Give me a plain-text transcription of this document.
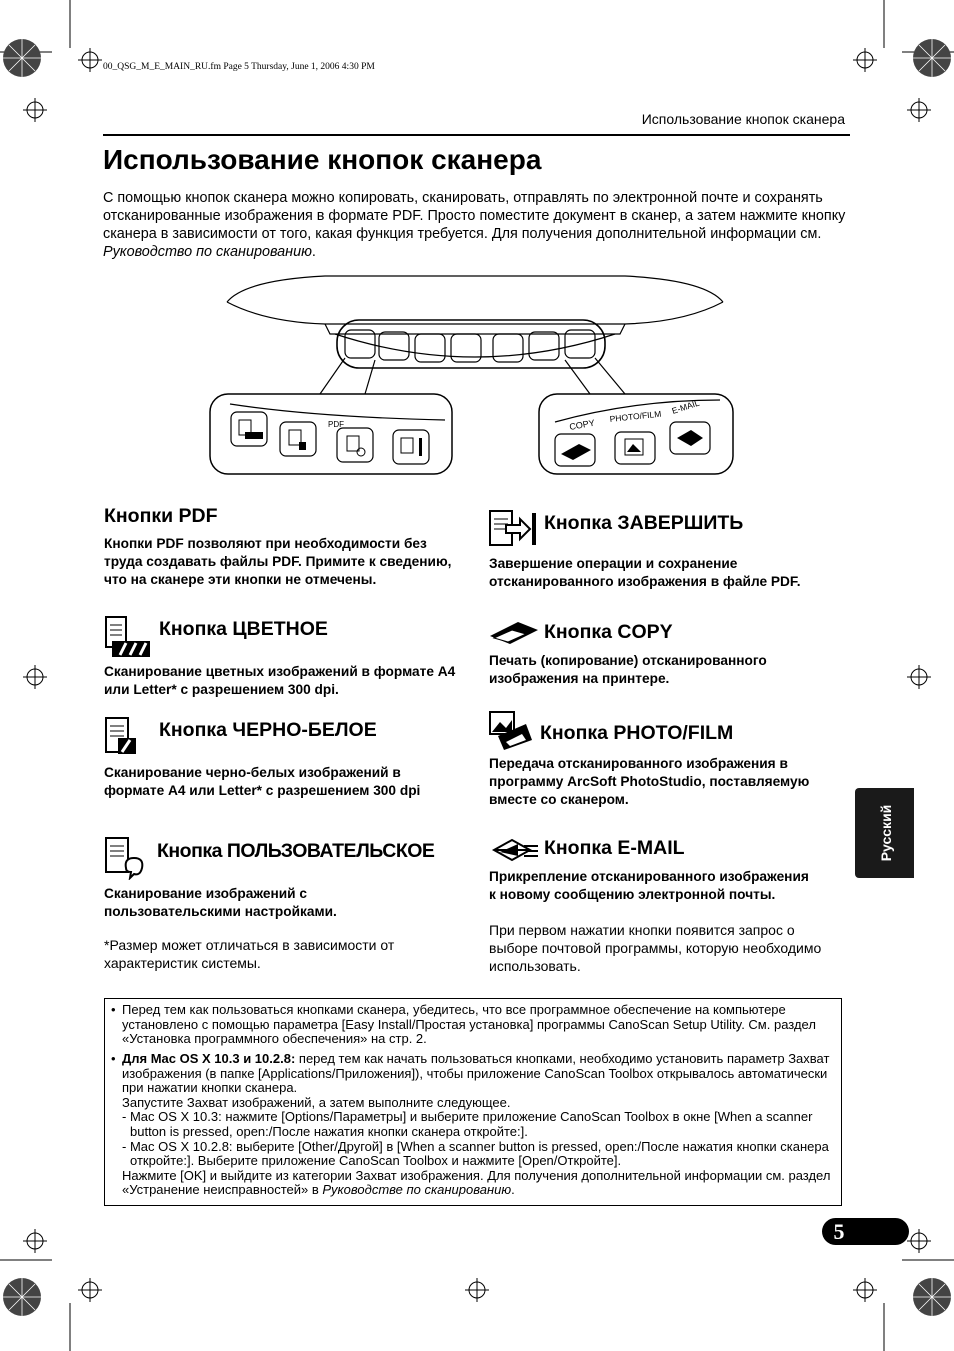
00_QSG_M_E_MAIN_RU.fm Page 5 Thursday, June 1, 2006 4:30 PM
Использование кнопок сканера
Использование кнопок сканера
С помощью кнопок сканера можно копировать, сканировать, отправлять по электронной почте и сохранять отсканированные изображения в формате PDF. Просто поместите документ в сканер, а затем нажмите кнопку сканера в зависимости от того, какая функция требуется. Для получения дополнительной информации см. Руководство по сканированию.
PDF	COPY
PHOTO/FILM
E-MAIL
Кнопки PDF
Кнопки PDF позволяют при необходимости без труда создавать файлы PDF. Примите к сведению, что на сканере эти кнопки не отмечены.
Кнопка ЦВЕТНОЕ
Сканирование цветных изображений в формате A4 или Letter* с разрешением 300 dpi.
Кнопка ЧЕРНО-БЕЛОЕ
Сканирование черно-белых изображений в формате A4 или Letter* с разрешением 300 dpi
Кнопка ПОЛЬЗОВАТЕЛЬСКОЕ
Сканирование изображений с пользовательскими настройками.
*Размер может отличаться в зависимости от характеристик системы.
Кнопка ЗАВЕРШИТЬ
Завершение операции и сохранение отсканированного изображения в файле PDF.
Кнопка COPY
Печать (копирование) отсканированного изображения на принтере.
Кнопка PHOTO/FILM
Передача отсканированного изображения в программу ArcSoft PhotoStudio, поставляемую вместе со сканером.
Кнопка E-MAIL
Прикрепление отсканированного изображения к новому сообщению электронной почты.
При первом нажатии кнопки появится запрос о выборе почтовой программы, которую необходимо использовать.
• Перед тем как пользоваться кнопками сканера, убедитесь, что все программное обеспечение на компьютере установлено с помощью параметра [Easy Install/Простая установка] программы CanoScan Setup Utility. См. раздел «Установка программного обеспечения» на стр. 2.
• Для Mac OS X 10.3 и 10.2.8: перед тем как начать пользоваться кнопками, необходимо установить параметр Захват изображения (в папке [Applications/Приложения]), чтобы приложение CanoScan Toolbox открывалось автоматически при нажатии кнопки сканера.
Запустите Захват изображений, а затем выполните следующее.
- Mac OS X 10.3: нажмите [Options/Параметры] и выберите приложение CanoScan Toolbox в окне [When a scanner button is pressed, open:/После нажатия кнопки сканера откройте:].
- Mac OS X 10.2.8: выберите [Other/Другой] в [When a scanner button is pressed, open:/После нажатия кнопки сканера откройте:]. Выберите приложение CanoScan Toolbox и нажмите [Open/Откройте].
Нажмите [OK] и выйдите из категории Захват изображения. Для получения дополнительной информации см. раздел «Устранение неисправностей» в Руководстве по сканированию.
Русский
5
